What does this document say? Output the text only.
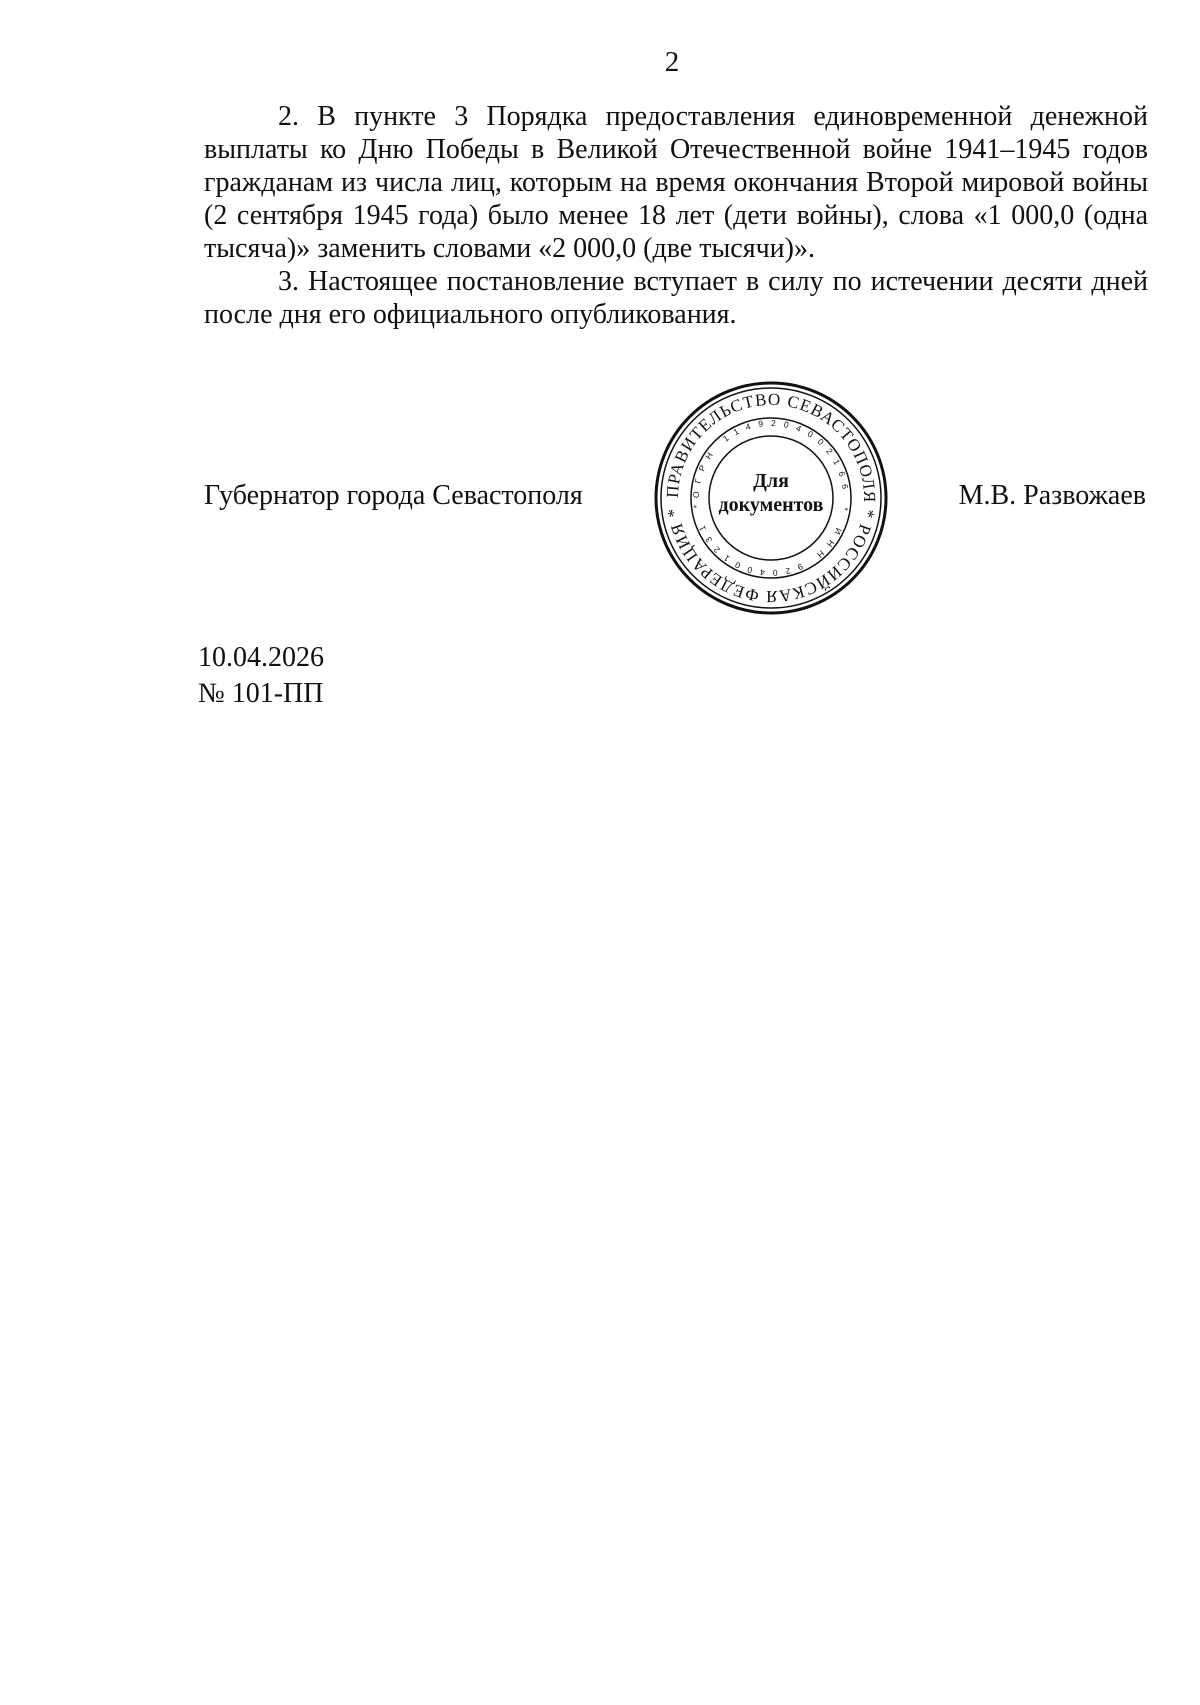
2

2. В пункте 3 Порядка предоставления единовременной денежной выплаты ко Дню Победы в Великой Отечественной войне 1941–1945 годов гражданам из числа лиц, которым на время окончания Второй мировой войны (2 сентября 1945 года) было менее 18 лет (дети войны), слова «1 000,0 (одна тысяча)» заменить словами «2 000,0 (две тысячи)».

3. Настоящее постановление вступает в силу по истечении десяти дней после дня его официального опубликования.

Губернатор города Севастополя	М.В. Развожаев
ПРАВИТЕЛЬСТВО СЕВАСТОПОЛЯ * РОССИЙСКАЯ ФЕДЕРАЦИЯ *
ОГРН 1149204002166 * ИНН 9204001231 *
Для
документов
10.04.2026
№ 101-ПП
